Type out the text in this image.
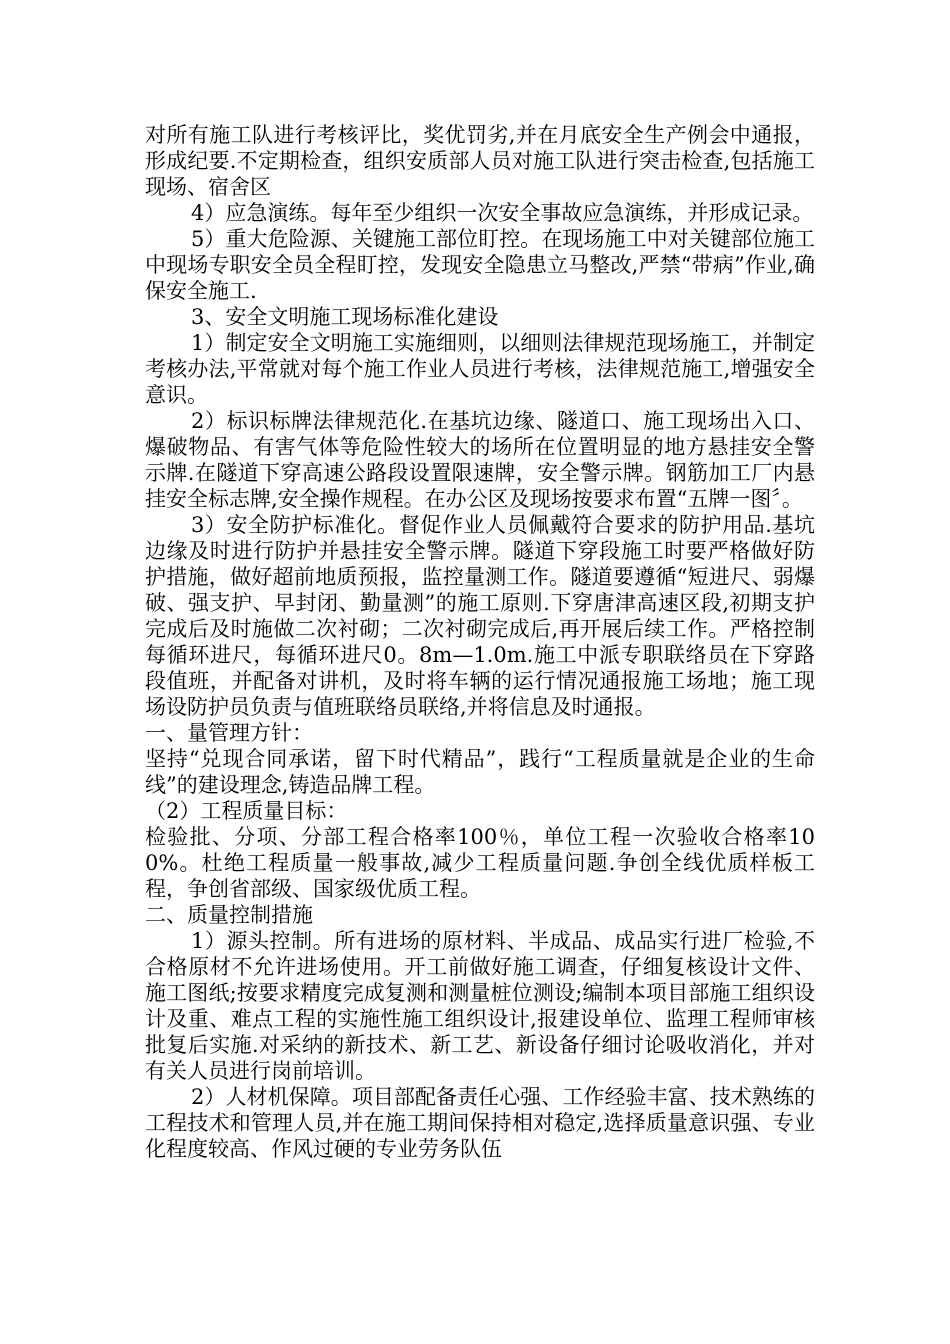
对所有施工队进行考核评比，奖优罚劣,并在月底安全生产例会中通报，形成纪要.不定期检查，组织安质部人员对施工队进行突击检查,包括施工现场、宿舍区

4）应急演练。每年至少组织一次安全事故应急演练，并形成记录。

5）重大危险源、关键施工部位盯控。在现场施工中对关键部位施工中现场专职安全员全程盯控，发现安全隐患立马整改,严禁“带病”作业,确保安全施工.

3、安全文明施工现场标准化建设

1）制定安全文明施工实施细则，以细则法律规范现场施工，并制定考核办法,平常就对每个施工作业人员进行考核，法律规范施工,增强安全意识。

2）标识标牌法律规范化.在基坑边缘、隧道口、施工现场出入口、爆破物品、有害气体等危险性较大的场所在位置明显的地方悬挂安全警示牌.在隧道下穿高速公路段设置限速牌，安全警示牌。钢筋加工厂内悬挂安全标志牌,安全操作规程。在办公区及现场按要求布置“五牌一图〞。

3）安全防护标准化。督促作业人员佩戴符合要求的防护用品.基坑边缘及时进行防护并悬挂安全警示牌。隧道下穿段施工时要严格做好防护措施，做好超前地质预报，监控量测工作。隧道要遵循“短进尺、弱爆破、强支护、早封闭、勤量测”的施工原则.下穿唐津高速区段,初期支护完成后及时施做二次衬砌；二次衬砌完成后,再开展后续工作。严格控制每循环进尺，每循环进尺0。8m—1.0m.施工中派专职联络员在下穿路段值班，并配备对讲机，及时将车辆的运行情况通报施工场地；施工现场设防护员负责与值班联络员联络,并将信息及时通报。

一、量管理方针：

坚持“兑现合同承诺，留下时代精品”，践行“工程质量就是企业的生命线”的建设理念,铸造品牌工程。

（2）工程质量目标：

检验批、分项、分部工程合格率100％，单位工程一次验收合格率100%。杜绝工程质量一般事故,减少工程质量问题.争创全线优质样板工程，争创省部级、国家级优质工程。

二、质量控制措施

1）源头控制。所有进场的原材料、半成品、成品实行进厂检验,不合格原材不允许进场使用。开工前做好施工调查，仔细复核设计文件、施工图纸;按要求精度完成复测和测量桩位测设;编制本项目部施工组织设计及重、难点工程的实施性施工组织设计,报建设单位、监理工程师审核批复后实施.对采纳的新技术、新工艺、新设备仔细讨论吸收消化，并对有关人员进行岗前培训。

2）人材机保障。项目部配备责任心强、工作经验丰富、技术熟练的工程技术和管理人员,并在施工期间保持相对稳定,选择质量意识强、专业化程度较高、作风过硬的专业劳务队伍
